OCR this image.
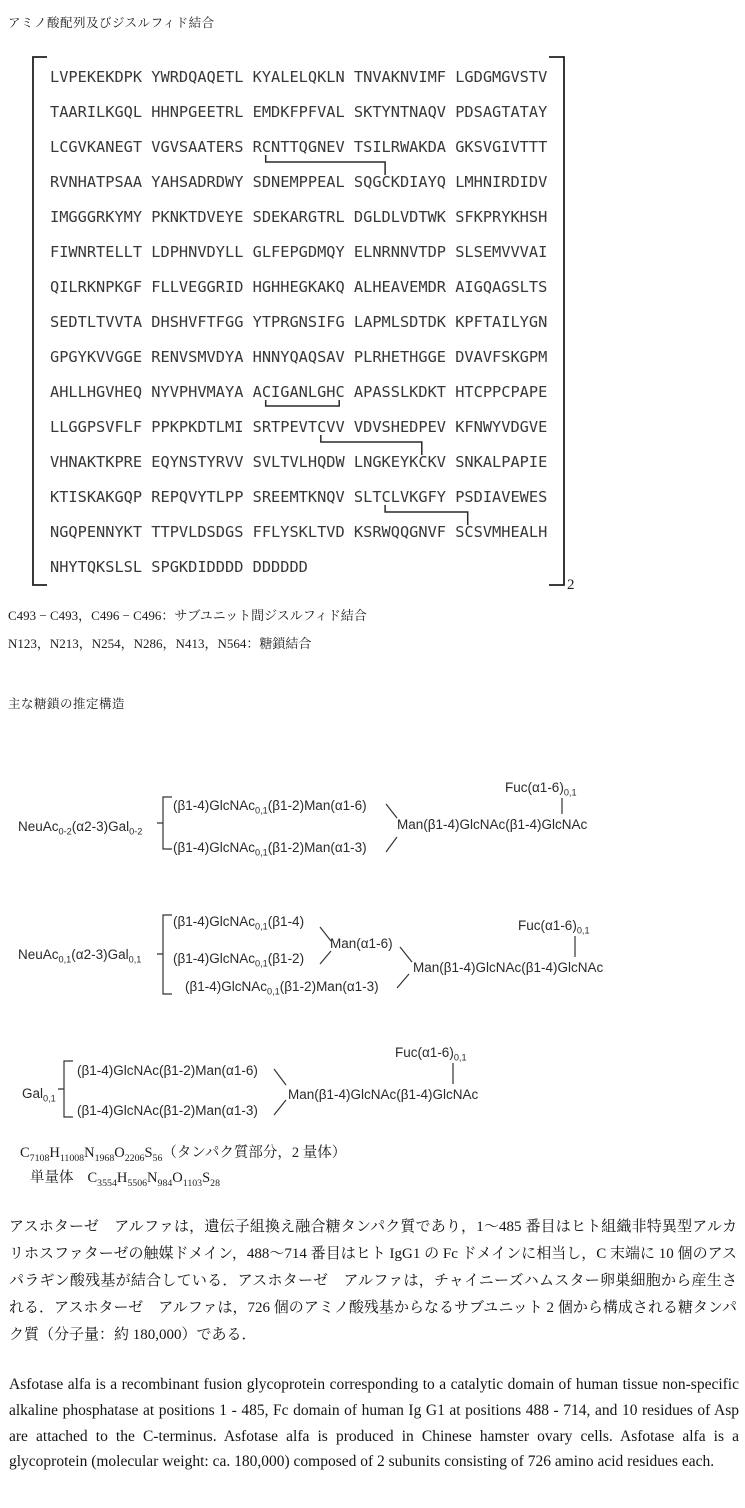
アミノ酸配列及びジスルフィド結合
LVPEKEKDPK YWRDQAQETL KYALELQKLN TNVAKNVIMF LGDGMGVSTV
TAARILKGQL HHNPGEETRL EMDKFPFVAL SKTYNTNAQV PDSAGTATAY
LCGVKANEGT VGVSAATERS RCNTTQGNEV TSILRWAKDA GKSVGIVTTT
RVNHATPSAA YAHSADRDWY SDNEMPPEAL SQGCKDIAYQ LMHNIRDIDV
IMGGGRKYMY PKNKTDVEYE SDEKARGTRL DGLDLVDTWK SFKPRYKHSH
FIWNRTELLT LDPHNVDYLL GLFEPGDMQY ELNRNNVTDP SLSEMVVVAI
QILRKNPKGF FLLVEGGRID HGHHEGKAKQ ALHEAVEMDR AIGQAGSLTS
SEDTLTVVTA DHSHVFTFGG YTPRGNSIFG LAPMLSDTDK KPFTAILYGN
GPGYKVVGGE RENVSMVDYA HNNYQAQSAV PLRHETHGGE DVAVFSKGPM
AHLLHGVHEQ NYVPHVMAYA ACIGANLGHC APASSLKDKT HTCPPCPAPE
LLGGPSVFLF PPKPKDTLMI SRTPEVTCVV VDVSHEDPEV KFNWYVDGVE
VHNAKTKPRE EQYNSTYRVV SVLTVLHQDW LNGKEYKCKV SNKALPAPIE
KTISKAKGQP REPQVYTLPP SREEMTKNQV SLTCLVKGFY PSDIAVEWES
NGQPENNYKT TTPVLDSDGS FFLYSKLTVD KSRWQQGNVF SCSVMHEALH
NHYTQKSLSL SPGKDIDDDD DDDDDD
2
C493 − C493，C496 − C496：サブユニット間ジスルフィド結合
N123，N213，N254，N286，N413，N564：糖鎖結合
主な糖鎖の推定構造
$Fuc(\alpha 1-6)_{0,1}$
(β1-4)GlcNAc$_{0,1}$(β1-2)Man(α1-6)
NeuAc$_{0-2}$(α2-3)Gal$_{0-2}$	Man(β1-4)GlcNAc(β1-4)GlcNAc
(β1-4)GlcNAc$_{0,1}$(β1-2)Man(α1-3)
(β1-4)GlcNAc$_{0,1}$(β1-4)	$Fuc(\alpha 1-6)_{0,1}$
Man(α1-6)
NeuAc$_{0,1}$(α2-3)Gal$_{0,1}$ (β1-4)GlcNAc$_{0,1}$(β1-2)
Man(β1-4)GlcNAc(β1-4)GlcNAc
(β1-4)GlcNAc$_{0,1}$(β1-2)Man(α1-3)
$Fuc(\alpha 1-6)_{0,1}$
(β1-4)GlcNAc(β1-2)Man(α1-6)
Gal$_{0,1}$	Man(β1-4)GlcNAc(β1-4)GlcNAc
(β1-4)GlcNAc(β1-2)Man(α1-3)
$C_{7108}H_{11008}N_{1968}O_{2206}S_{56}$（タンパク質部分，2 量体）
単量体 $C_{3554}H_{5506}N_{984}O_{1103}S_{28}$

アスホターゼ　アルファは，遺伝子組換え融合糖タンパク質であり，1～485 番目はヒト組織非特異型アルカリホスファターゼの触媒ドメイン，488～714 番目はヒト IgG1 の Fc ドメインに相当し，C 末端に 10 個のアスパラギン酸残基が結合している．アスホターゼ　アルファは，チャイニーズハムスター卵巣細胞から産生される．アスホターゼ　アルファは，726 個のアミノ酸残基からなるサブユニット 2 個から構成される糖タンパク質（分子量：約 180,000）である．

Asfotase alfa is a recombinant fusion glycoprotein corresponding to a catalytic domain of human tissue non-specific alkaline phosphatase at positions 1 - 485, Fc domain of human Ig G1 at positions 488 - 714, and 10 residues of Asp are attached to the C-terminus. Asfotase alfa is produced in Chinese hamster ovary cells. Asfotase alfa is a glycoprotein (molecular weight: ca. 180,000) composed of 2 subunits consisting of 726 amino acid residues each.
